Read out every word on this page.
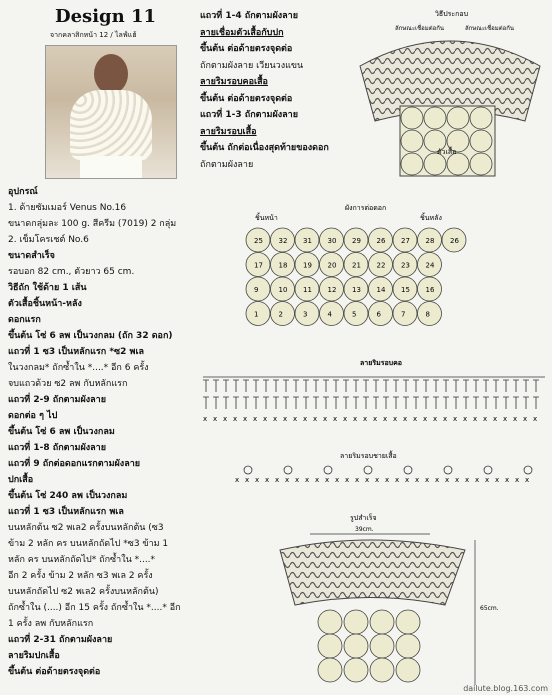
Design 11
จากคลาสิกหน้า 12 / ไลฟ์แฮ้
อุปกรณ์
1. ด้ายซัมเมอร์ Venus No.16
ขนาดกลุ่มละ 100 g. สีครีม (7019) 2 กลุ่ม
2. เข็มโครเชต์ No.6
ขนาดสำเร็จ
รอบอก 82 cm., ตัวยาว 65 cm.
วิธีถัก ใช้ด้าย 1 เส้น
ตัวเสื้อชิ้นหน้า-หลัง
ดอกแรก
ขึ้นต้น โซ่ 6 ลพ เป็นวงกลม (ถัก 32 ดอก)
แถวที่ 1 ซ3 เป็นหลักแรก *ซ2 พเล
ในวงกลม* ถักซ้ำใน *....* อีก 6 ครั้ง
จบแถวด้วย ซ2 ลพ กับหลักแรก
แถวที่ 2-9 ถักตามผังลาย
ดอกต่อ ๆ ไป
ขึ้นต้น โซ่ 6 ลพ เป็นวงกลม
แถวที่ 1-8 ถักตามผังลาย
แถวที่ 9 ถักต่อดอกแรกตามผังลาย
ปกเสื้อ
ขึ้นต้น โซ่ 240 ลพ เป็นวงกลม
แถวที่ 1 ซ3 เป็นหลักแรก พเล
บนหลักต้น ซ2 พเล2 ครั้งบนหลักต้น (ซ3
ข้าม 2 หลัก คร บนหลักถัดไป *ซ3 ข้าม 1
หลัก คร บนหลักถัดไป* ถักซ้ำใน *....*
อีก 2 ครั้ง ข้าม 2 หลัก ซ3 พเล 2 ครั้ง
บนหลักถัดไป ซ2 พเล2 ครั้งบนหลักต้น)
ถักซ้ำใน (....) อีก 15 ครั้ง ถักซ้ำใน *....* อีก
1 ครั้ง ลพ กับหลักแรก
แถวที่ 2-31 ถักตามผังลาย
ลายริมปกเสื้อ
ขึ้นต้น ต่อด้ายตรงจุดต่อ
แถวที่ 1-4 ถักตามผังลาย
ลายเชื่อมตัวเสื้อกับปก
ขึ้นต้น ต่อด้ายตรงจุดต่อ
ถักตามผังลาย เวียนวงแขน
ลายริมรอบคอเสื้อ
ขึ้นต้น ต่อด้ายตรงจุดต่อ
แถวที่ 1-3 ถักตามผังลาย
ลายริมรอบเสื้อ
ขึ้นต้น ถักต่อเนื่องสุดท้ายของดอก
ถักตามผังลาย
วิธีประกอบ
ลักษณะเชื่อมต่อกัน	ลักษณะเชื่อมต่อกัน
ตัวเสื้อ
ผังการต่อดอก
ชิ้นหน้า	ชิ้นหลัง
25 32 31 30 29 26 27 28 26
17 18 19 20 21 22 23 24
9	10 11 12 13 14 15 16
1	2	3	4	5	6	7	8
ลายริมรอบคอ
x x x x x x x x x x x x x x x x x x x x x x x x x x x x x x x x x x
ลายริมรอบชายเสื้อ
x x x x x x x x x x x x x x x x x x x x x x x x x x x x x x
รูปสำเร็จ
39cm.
65cm.
dailute.blog.163.com
